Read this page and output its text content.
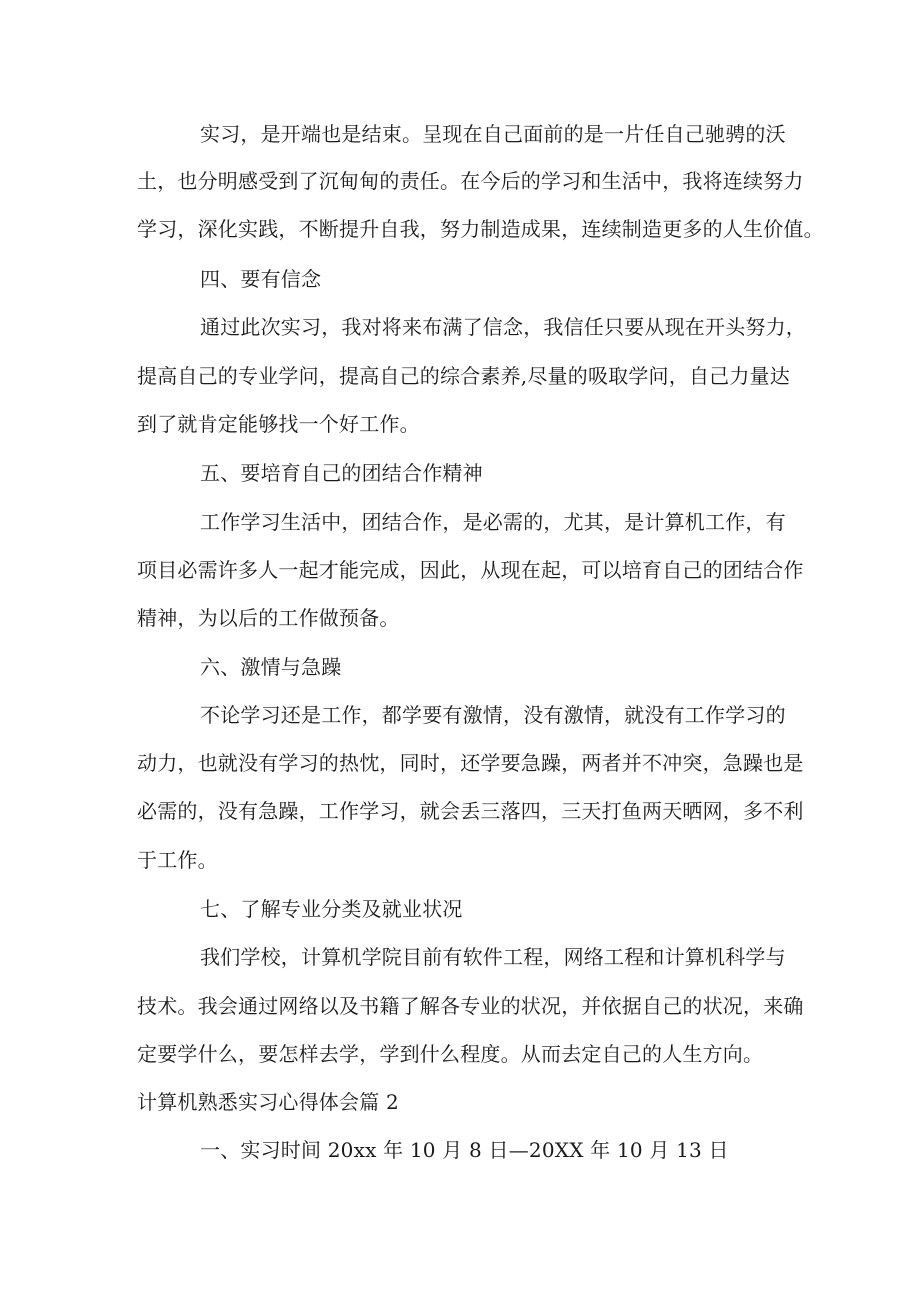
实习，是开端也是结束。呈现在自己面前的是一片任自己驰骋的沃
土，也分明感受到了沉甸甸的责任。在今后的学习和生活中，我将连续努力
学习，深化实践，不断提升自我，努力制造成果，连续制造更多的人生价值。
四、要有信念
通过此次实习，我对将来布满了信念，我信任只要从现在开头努力，
提高自己的专业学问，提高自己的综合素养,尽量的吸取学问，自己力量达
到了就肯定能够找一个好工作。
五、要培育自己的团结合作精神
工作学习生活中，团结合作，是必需的，尤其，是计算机工作，有
项目必需许多人一起才能完成，因此，从现在起，可以培育自己的团结合作
精神，为以后的工作做预备。
六、激情与急躁
不论学习还是工作，都学要有激情，没有激情，就没有工作学习的
动力，也就没有学习的热忱，同时，还学要急躁，两者并不冲突，急躁也是
必需的，没有急躁，工作学习，就会丢三落四，三天打鱼两天晒网，多不利
于工作。
七、了解专业分类及就业状况
我们学校，计算机学院目前有软件工程，网络工程和计算机科学与
技术。我会通过网络以及书籍了解各专业的状况，并依据自己的状况，来确
定要学什么，要怎样去学，学到什么程度。从而去定自己的人生方向。
计算机熟悉实习心得体会篇 2
一、实习时间 20xx 年 10 月 8 日—20XX 年 10 月 13 日
